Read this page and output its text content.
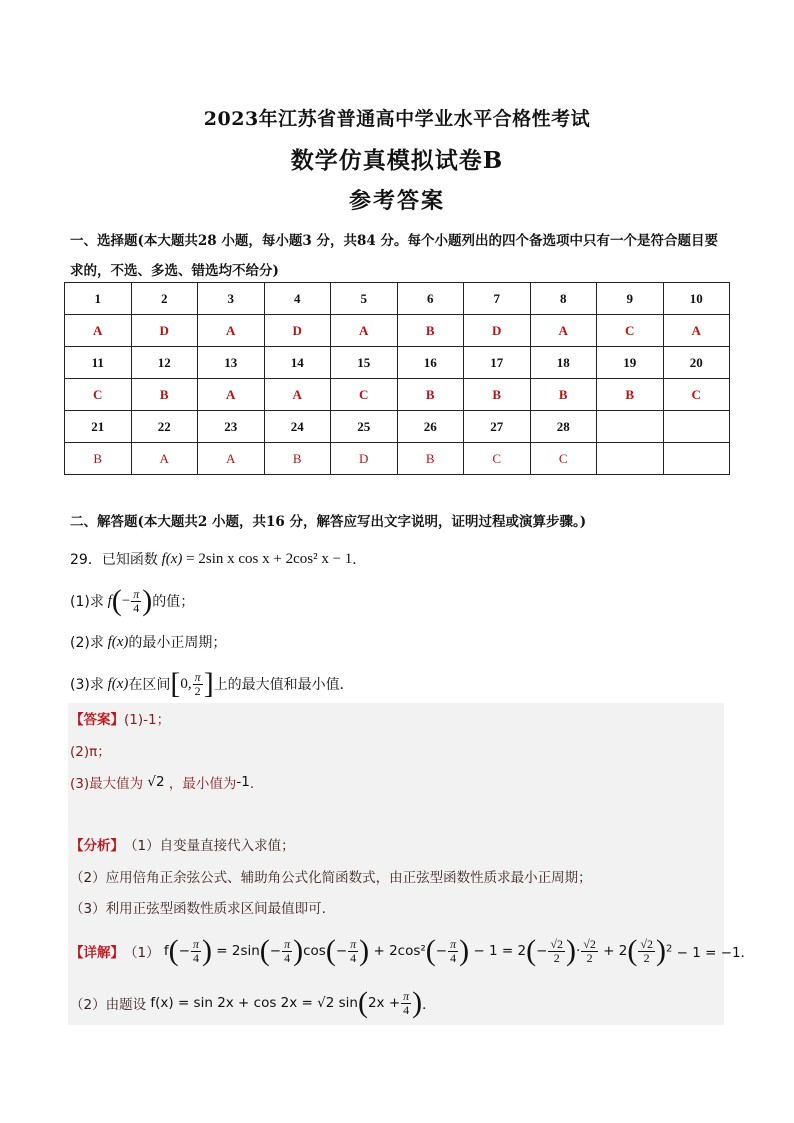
2023年江苏省普通高中学业水平合格性考试
数学仿真模拟试卷B
参考答案
一、选择题(本大题共28 小题，每小题3 分，共84 分。每个小题列出的四个备选项中只有一个是符合题目要求的，不选、多选、错选均不给分)
1	2	3	4	5	6	7	8	9	10
A	D	A	D	A	B	D	A	C	A
11	12	13	14	15	16	17	18	19	20
C	B	A	A	C	B	B	B	B	C
21	22	23	24	25	26	27	28		
B	A	A	B	D	B	C	C		
二、解答题(本大题共2 小题，共16 分，解答应写出文字说明，证明过程或演算步骤。)
29．已知函数 f(x) = 2sin x cos x + 2cos² x − 1 ．
(1)求 f ( − $\frac{\pi}{4}$ ) 的值；
(2)求 f(x) 的最小正周期；
(3)求 f(x) 在区间 [ 0, $\frac{\pi}{2}$ ] 上的最大值和最小值．
【答案】 (1)-1；
(2)π；
(3)最大值为 √2 ，最小值为 -1 ．
【分析】 （1）自变量直接代入求值；
（2）应用倍角正余弦公式、辅助角公式化简函数式，由正弦型函数性质求最小正周期；
（3）利用正弦型函数性质求区间最值即可.
【详解】 （1） f ( − $\frac{\pi}{4}$ ) = 2sin ( − $\frac{\pi}{4}$ ) cos ( − $\frac{\pi}{4}$ ) + 2cos² ( − $\frac{\pi}{4}$ ) − 1 = 2 ( − $\frac{√2}{2}$ ) · $\frac{√2}{2} + 2$ ( $\frac{√2}{2}$ ) $^2$ − 1 = −1．
（2）由题设 f(x) = sin 2x + cos 2x = √2 sin ( $2x + \frac{\pi}{4}$ ) ．
